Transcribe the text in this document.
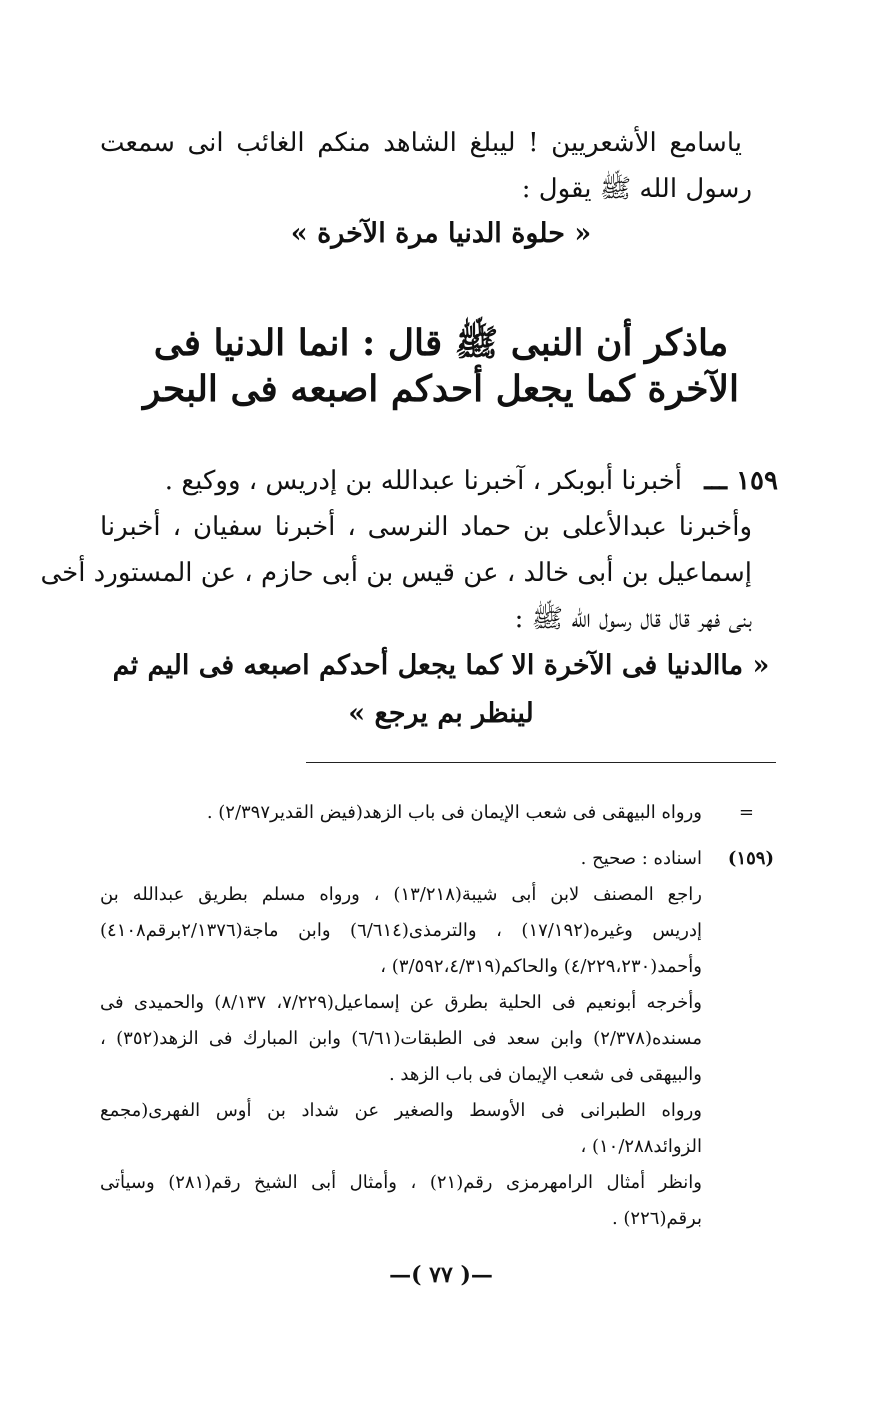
ياسامع الأشعريين ! ليبلغ الشاهد منكم الغائب انى سمعت
رسول الله ﷺ يقول :
« حلوة الدنيا مرة الآخرة »
ماذكر أن النبى ﷺ قال : انما الدنيا فى
الآخرة كما يجعل أحدكم اصبعه فى البحر
١٥٩ ـــ
أخبرنا أبوبكر ، آخبرنا عبدالله بن إدريس ، ووكيع .
وأخبرنا عبدالأعلى بن حماد النرسى ، أخبرنا سفيان ، أخبرنا
إسماعيل بن أبى خالد ، عن قيس بن أبى حازم ، عن المستورد أخى
بنى فهر قال قال رسول الله ﷺ :
« ماالدنيا فى الآخرة الا كما يجعل أحدكم اصبعه فى اليم ثم
لينظر بم يرجع »
=
ورواه البيهقى فى شعب الإيمان فى باب الزهد(فيض القدير٢/٣٩٧) .
(١٥٩)
اسناده : صحيح .
راجع المصنف لابن أبى شيبة(١٣/٢١٨) ، ورواه مسلم بطريق عبدالله بن
إدريس وغيره(١٧/١٩٢) ، والترمذى(٦/٦١٤) وابن ماجة(٢/١٣٧٦برقم٤١٠٨)
وأحمد(٤/٢٢٩،٢٣٠) والحاكم(٣/٥٩٢،٤/٣١٩) ،
وأخرجه أبونعيم فى الحلية بطرق عن إسماعيل(٧/٢٢٩، ٨/١٣٧) والحميدى فى
مسنده(٢/٣٧٨) وابن سعد فى الطبقات(٦/٦١) وابن المبارك فى الزهد(٣٥٢) ،
والبيهقى فى شعب الإيمان فى باب الزهد .
ورواه الطبرانى فى الأوسط والصغير عن شداد بن أوس الفهرى(مجمع
الزوائد١٠/٢٨٨) ،
وانظر أمثال الرامهرمزى رقم(٢١) ، وأمثال أبى الشيخ رقم(٢٨١) وسيأتى
برقم(٢٢٦) .
—( ٧٧ )—
